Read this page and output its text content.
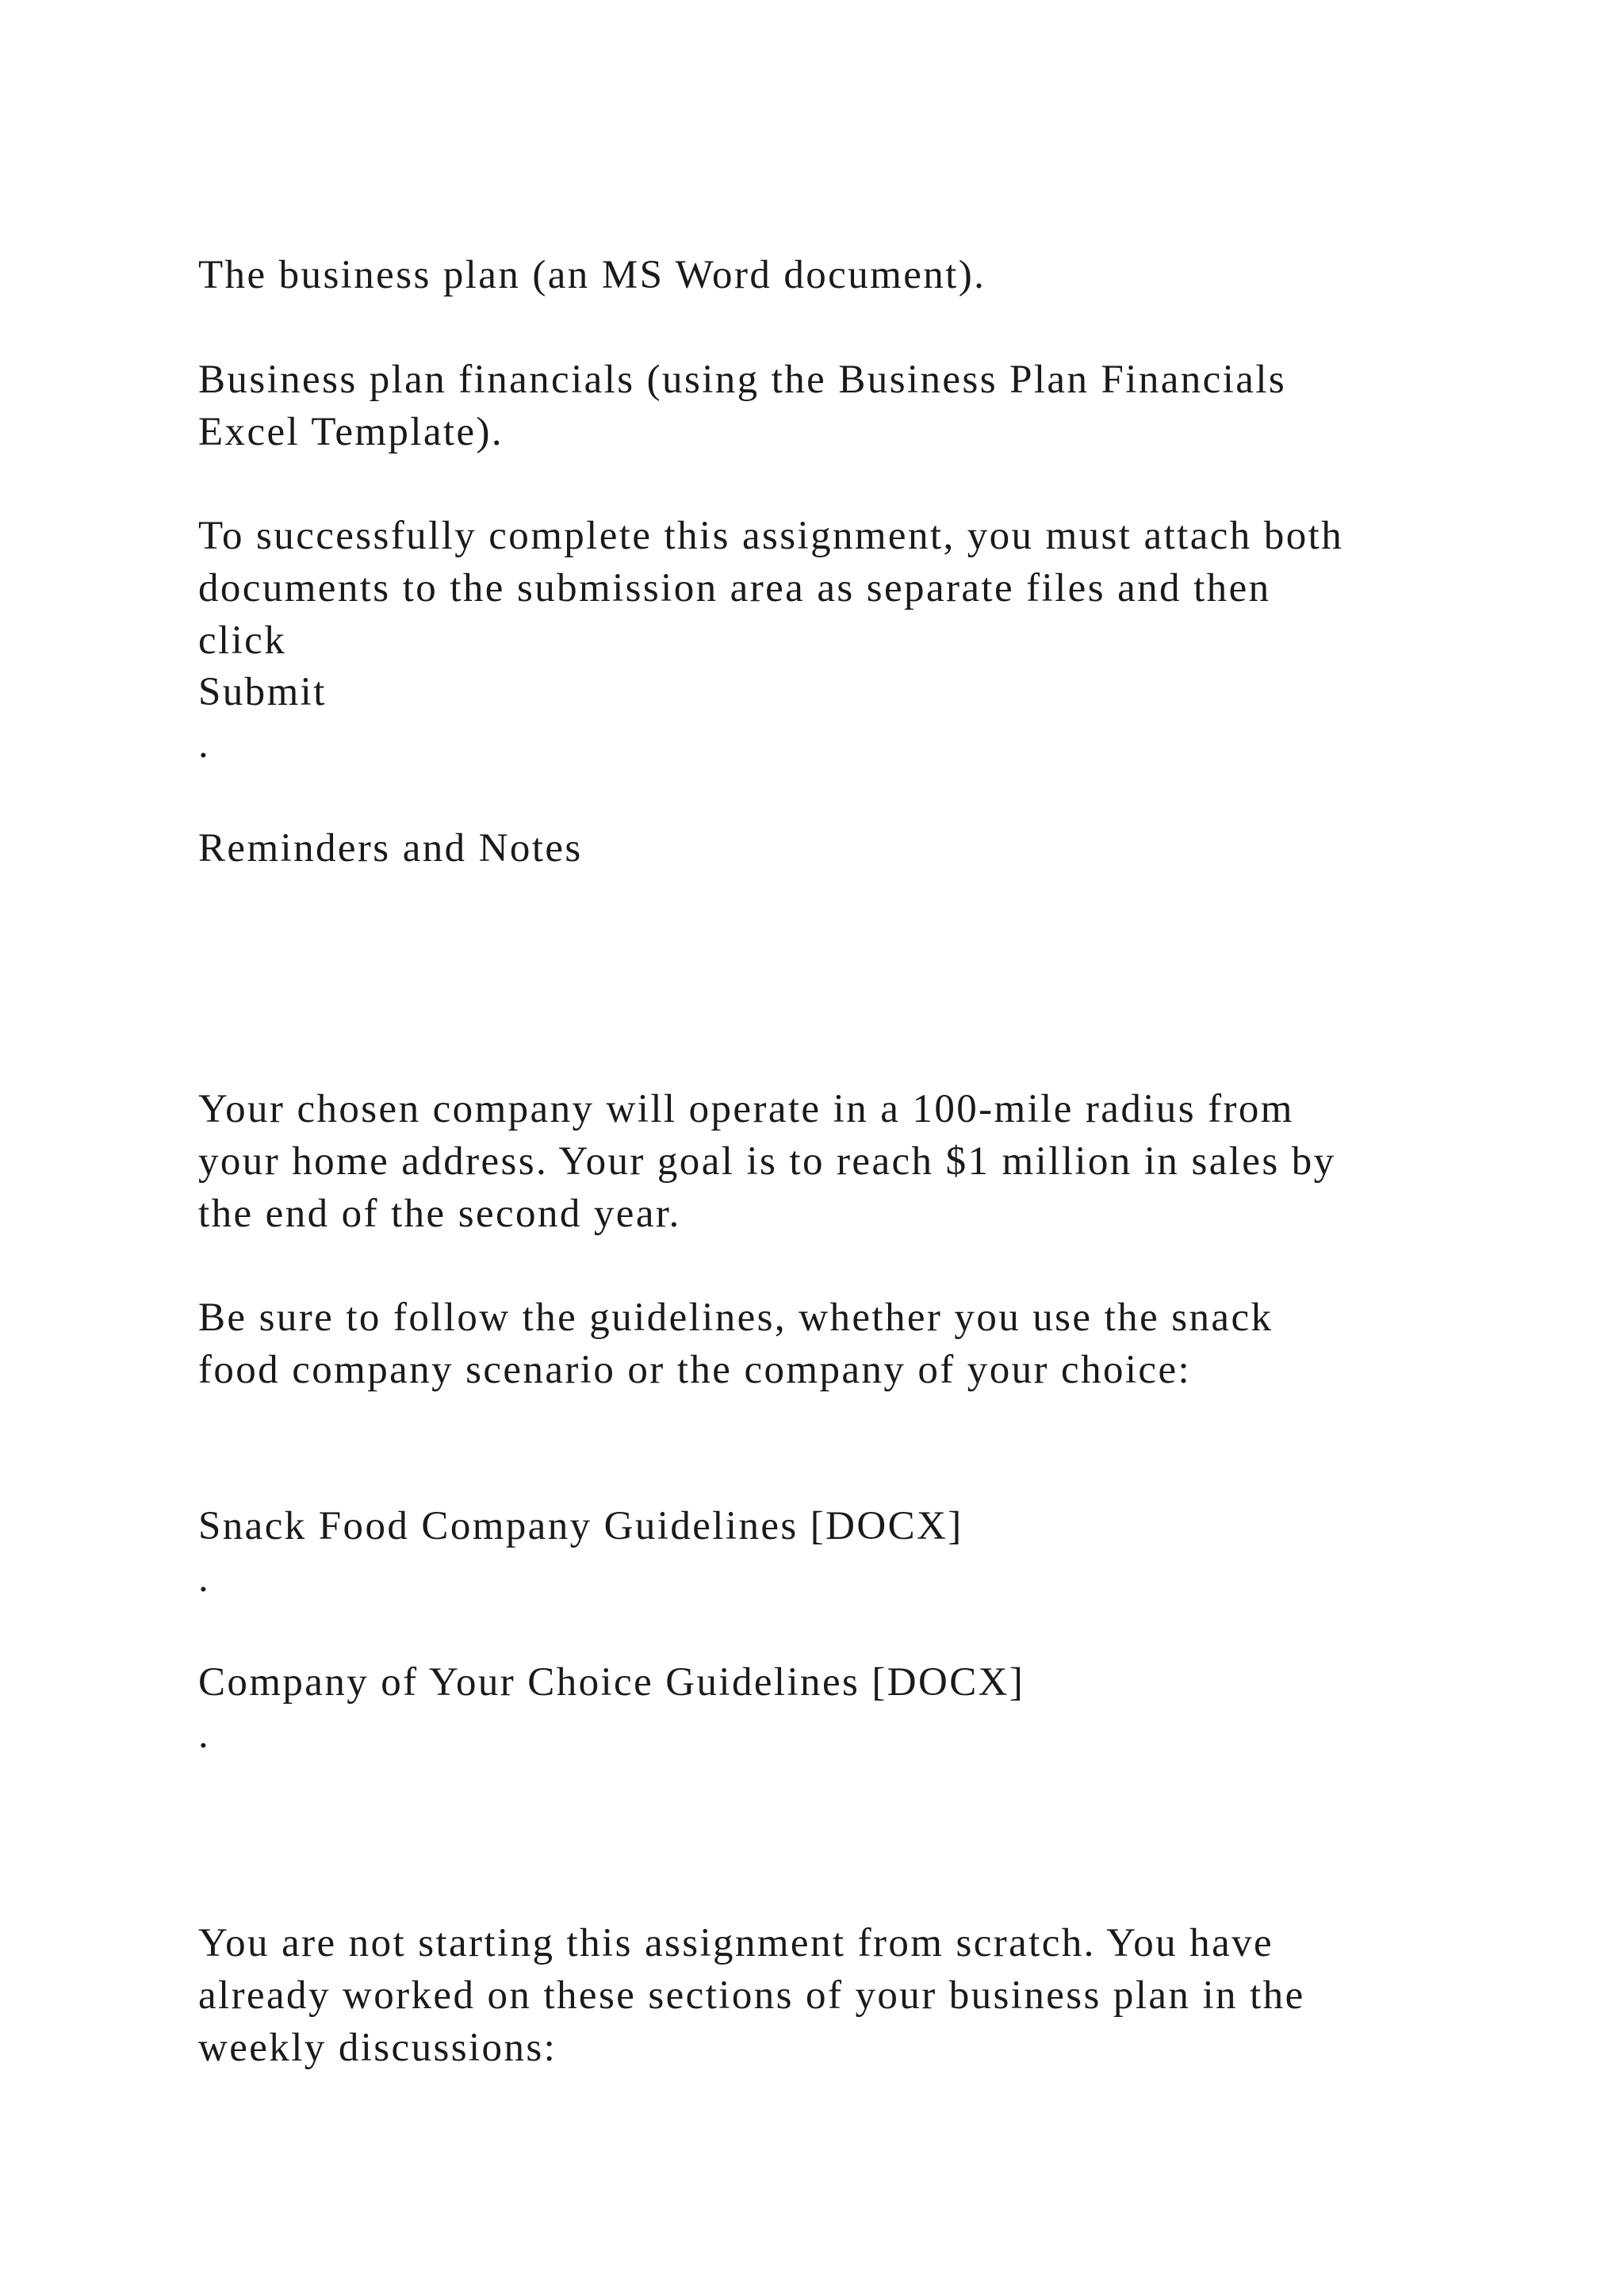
The business plan (an MS Word document).

Business plan financials (using the Business Plan Financials

Excel Template).

To successfully complete this assignment, you must attach both

documents to the submission area as separate files and then

click

Submit

.

Reminders and Notes

Your chosen company will operate in a 100-mile radius from

your home address. Your goal is to reach $1 million in sales by

the end of the second year.

Be sure to follow the guidelines, whether you use the snack

food company scenario or the company of your choice:

Snack Food Company Guidelines [DOCX]

.

Company of Your Choice Guidelines [DOCX]

.

You are not starting this assignment from scratch. You have

already worked on these sections of your business plan in the

weekly discussions:
